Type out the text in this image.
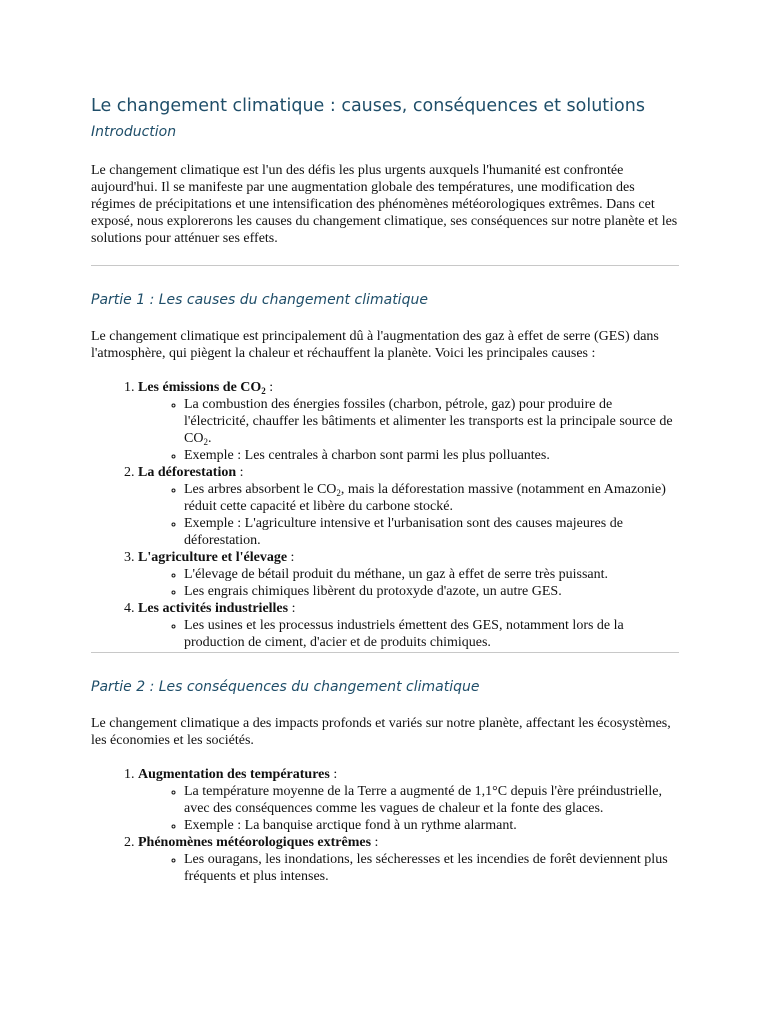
Le changement climatique : causes, conséquences et solutions
Introduction

Le changement climatique est l'un des défis les plus urgents auxquels l'humanité est confrontée aujourd'hui. Il se manifeste par une augmentation globale des températures, une modification des régimes de précipitations et une intensification des phénomènes météorologiques extrêmes. Dans cet exposé, nous explorerons les causes du changement climatique, ses conséquences sur notre planète et les solutions pour atténuer ses effets.

Partie 1 : Les causes du changement climatique

Le changement climatique est principalement dû à l'augmentation des gaz à effet de serre (GES) dans l'atmosphère, qui piègent la chaleur et réchauffent la planète. Voici les principales causes :

1. Les émissions de $CO_2$ :
◦ La combustion des énergies fossiles (charbon, pétrole, gaz) pour produire de l'électricité, chauffer les bâtiments et alimenter les transports est la principale source de $CO_2$.
◦ Exemple : Les centrales à charbon sont parmi les plus polluantes.
2. La déforestation :
◦ Les arbres absorbent le $CO_2$, mais la déforestation massive (notamment en Amazonie) réduit cette capacité et libère du carbone stocké.
◦ Exemple : L'agriculture intensive et l'urbanisation sont des causes majeures de déforestation.
3. L'agriculture et l'élevage :
◦ L'élevage de bétail produit du méthane, un gaz à effet de serre très puissant.
◦ Les engrais chimiques libèrent du protoxyde d'azote, un autre GES.
4. Les activités industrielles :
◦ Les usines et les processus industriels émettent des GES, notamment lors de la production de ciment, d'acier et de produits chimiques.
Partie 2 : Les conséquences du changement climatique

Le changement climatique a des impacts profonds et variés sur notre planète, affectant les écosystèmes, les économies et les sociétés.

1. Augmentation des températures :
◦ La température moyenne de la Terre a augmenté de 1,1°C depuis l'ère préindustrielle, avec des conséquences comme les vagues de chaleur et la fonte des glaces.
◦ Exemple : La banquise arctique fond à un rythme alarmant.
2. Phénomènes météorologiques extrêmes :
◦ Les ouragans, les inondations, les sécheresses et les incendies de forêt deviennent plus fréquents et plus intenses.
